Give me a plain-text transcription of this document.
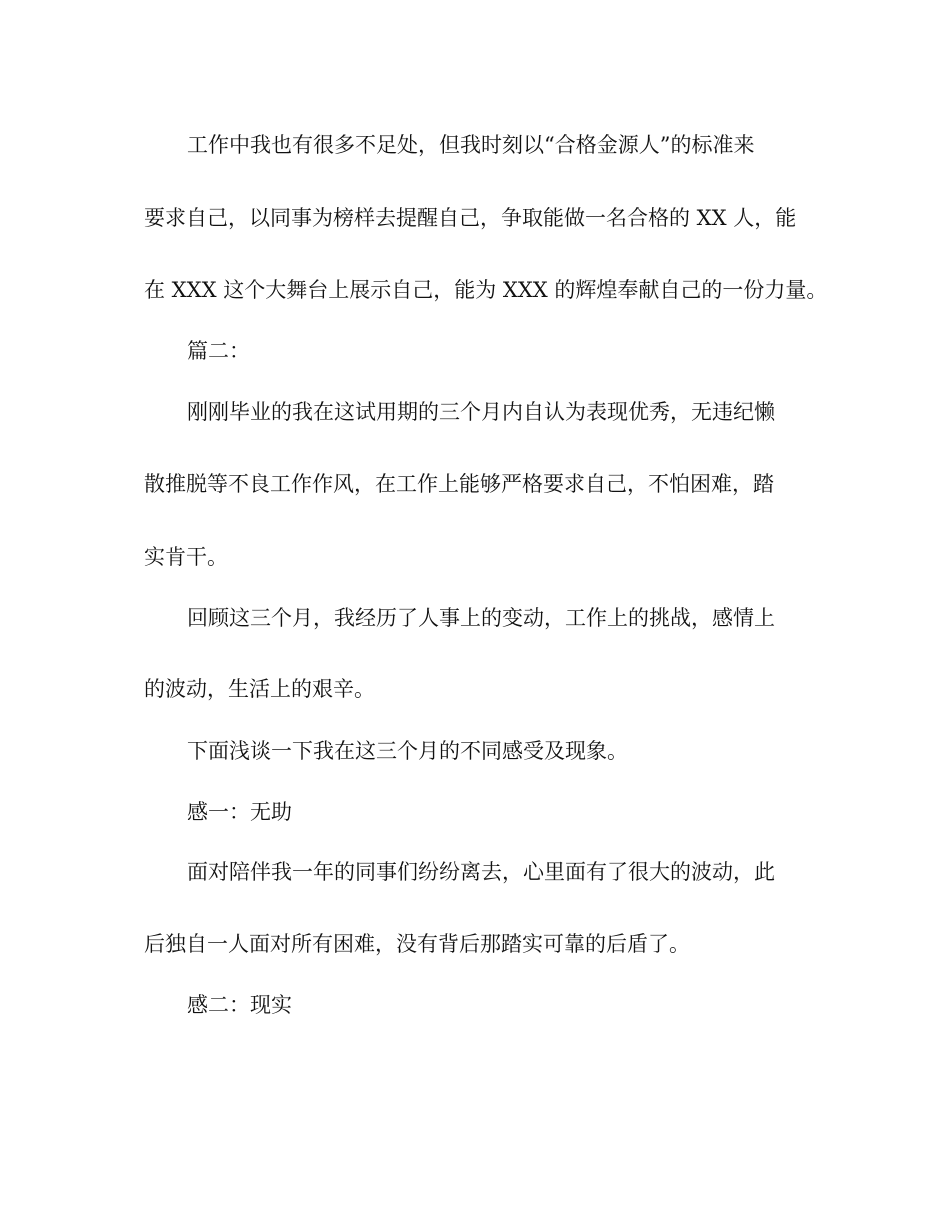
工作中我也有很多不足处，但我时刻以“合格金源人”的标准来

要求自己，以同事为榜样去提醒自己，争取能做一名合格的 XX 人，能

在 XXX 这个大舞台上展示自己，能为 XXX 的辉煌奉献自己的一份力量。

篇二：

刚刚毕业的我在这试用期的三个月内自认为表现优秀，无违纪懒

散推脱等不良工作作风，在工作上能够严格要求自己，不怕困难，踏

实肯干。

回顾这三个月，我经历了人事上的变动，工作上的挑战，感情上

的波动，生活上的艰辛。

下面浅谈一下我在这三个月的不同感受及现象。

感一：无助

面对陪伴我一年的同事们纷纷离去，心里面有了很大的波动，此

后独自一人面对所有困难，没有背后那踏实可靠的后盾了。

感二：现实
